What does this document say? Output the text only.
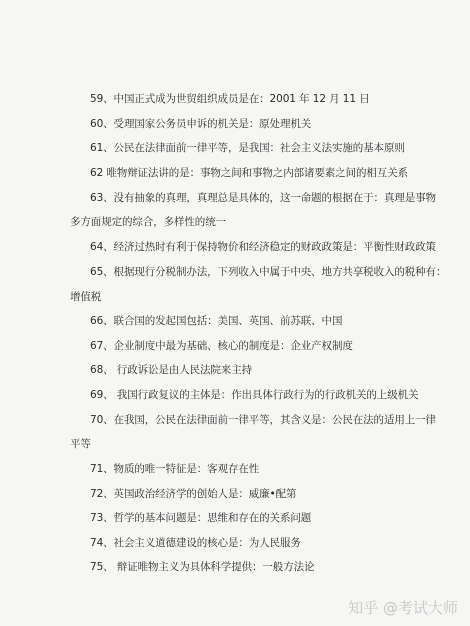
59、中国正式成为世贸组织成员是在：2001 年 12 月 11 日
60、受理国家公务员申诉的机关是：原处理机关
61、公民在法律面前一律平等，是我国：社会主义法实施的基本原则
62 唯物辩证法讲的是：事物之间和事物之内部诸要素之间的相互关系
63、没有抽象的真理，真理总是具体的，这一命题的根据在于：真理是事物
多方面规定的综合，多样性的统一
64、经济过热时有利于保持物价和经济稳定的财政政策是：平衡性财政政策
65、根据现行分税制办法，下列收入中属于中央、地方共享税收入的税种有：
增值税
66、联合国的发起国包括：美国、英国、前苏联、中国
67、企业制度中最为基础、核心的制度是：企业产权制度
68、 行政诉讼是由人民法院来主持
69、 我国行政复议的主体是：作出具体行政行为的行政机关的上级机关
70、在我国，公民在法律面前一律平等，其含义是：公民在法的适用上一律
平等
71、物质的唯一特征是：客观存在性
72、英国政治经济学的创始人是：威廉•配第
73、哲学的基本问题是：思维和存在的关系问题
74、社会主义道德建设的核心是：为人民服务
75、 辩证唯物主义为具体科学提供：一般方法论
知乎 @考试大师
